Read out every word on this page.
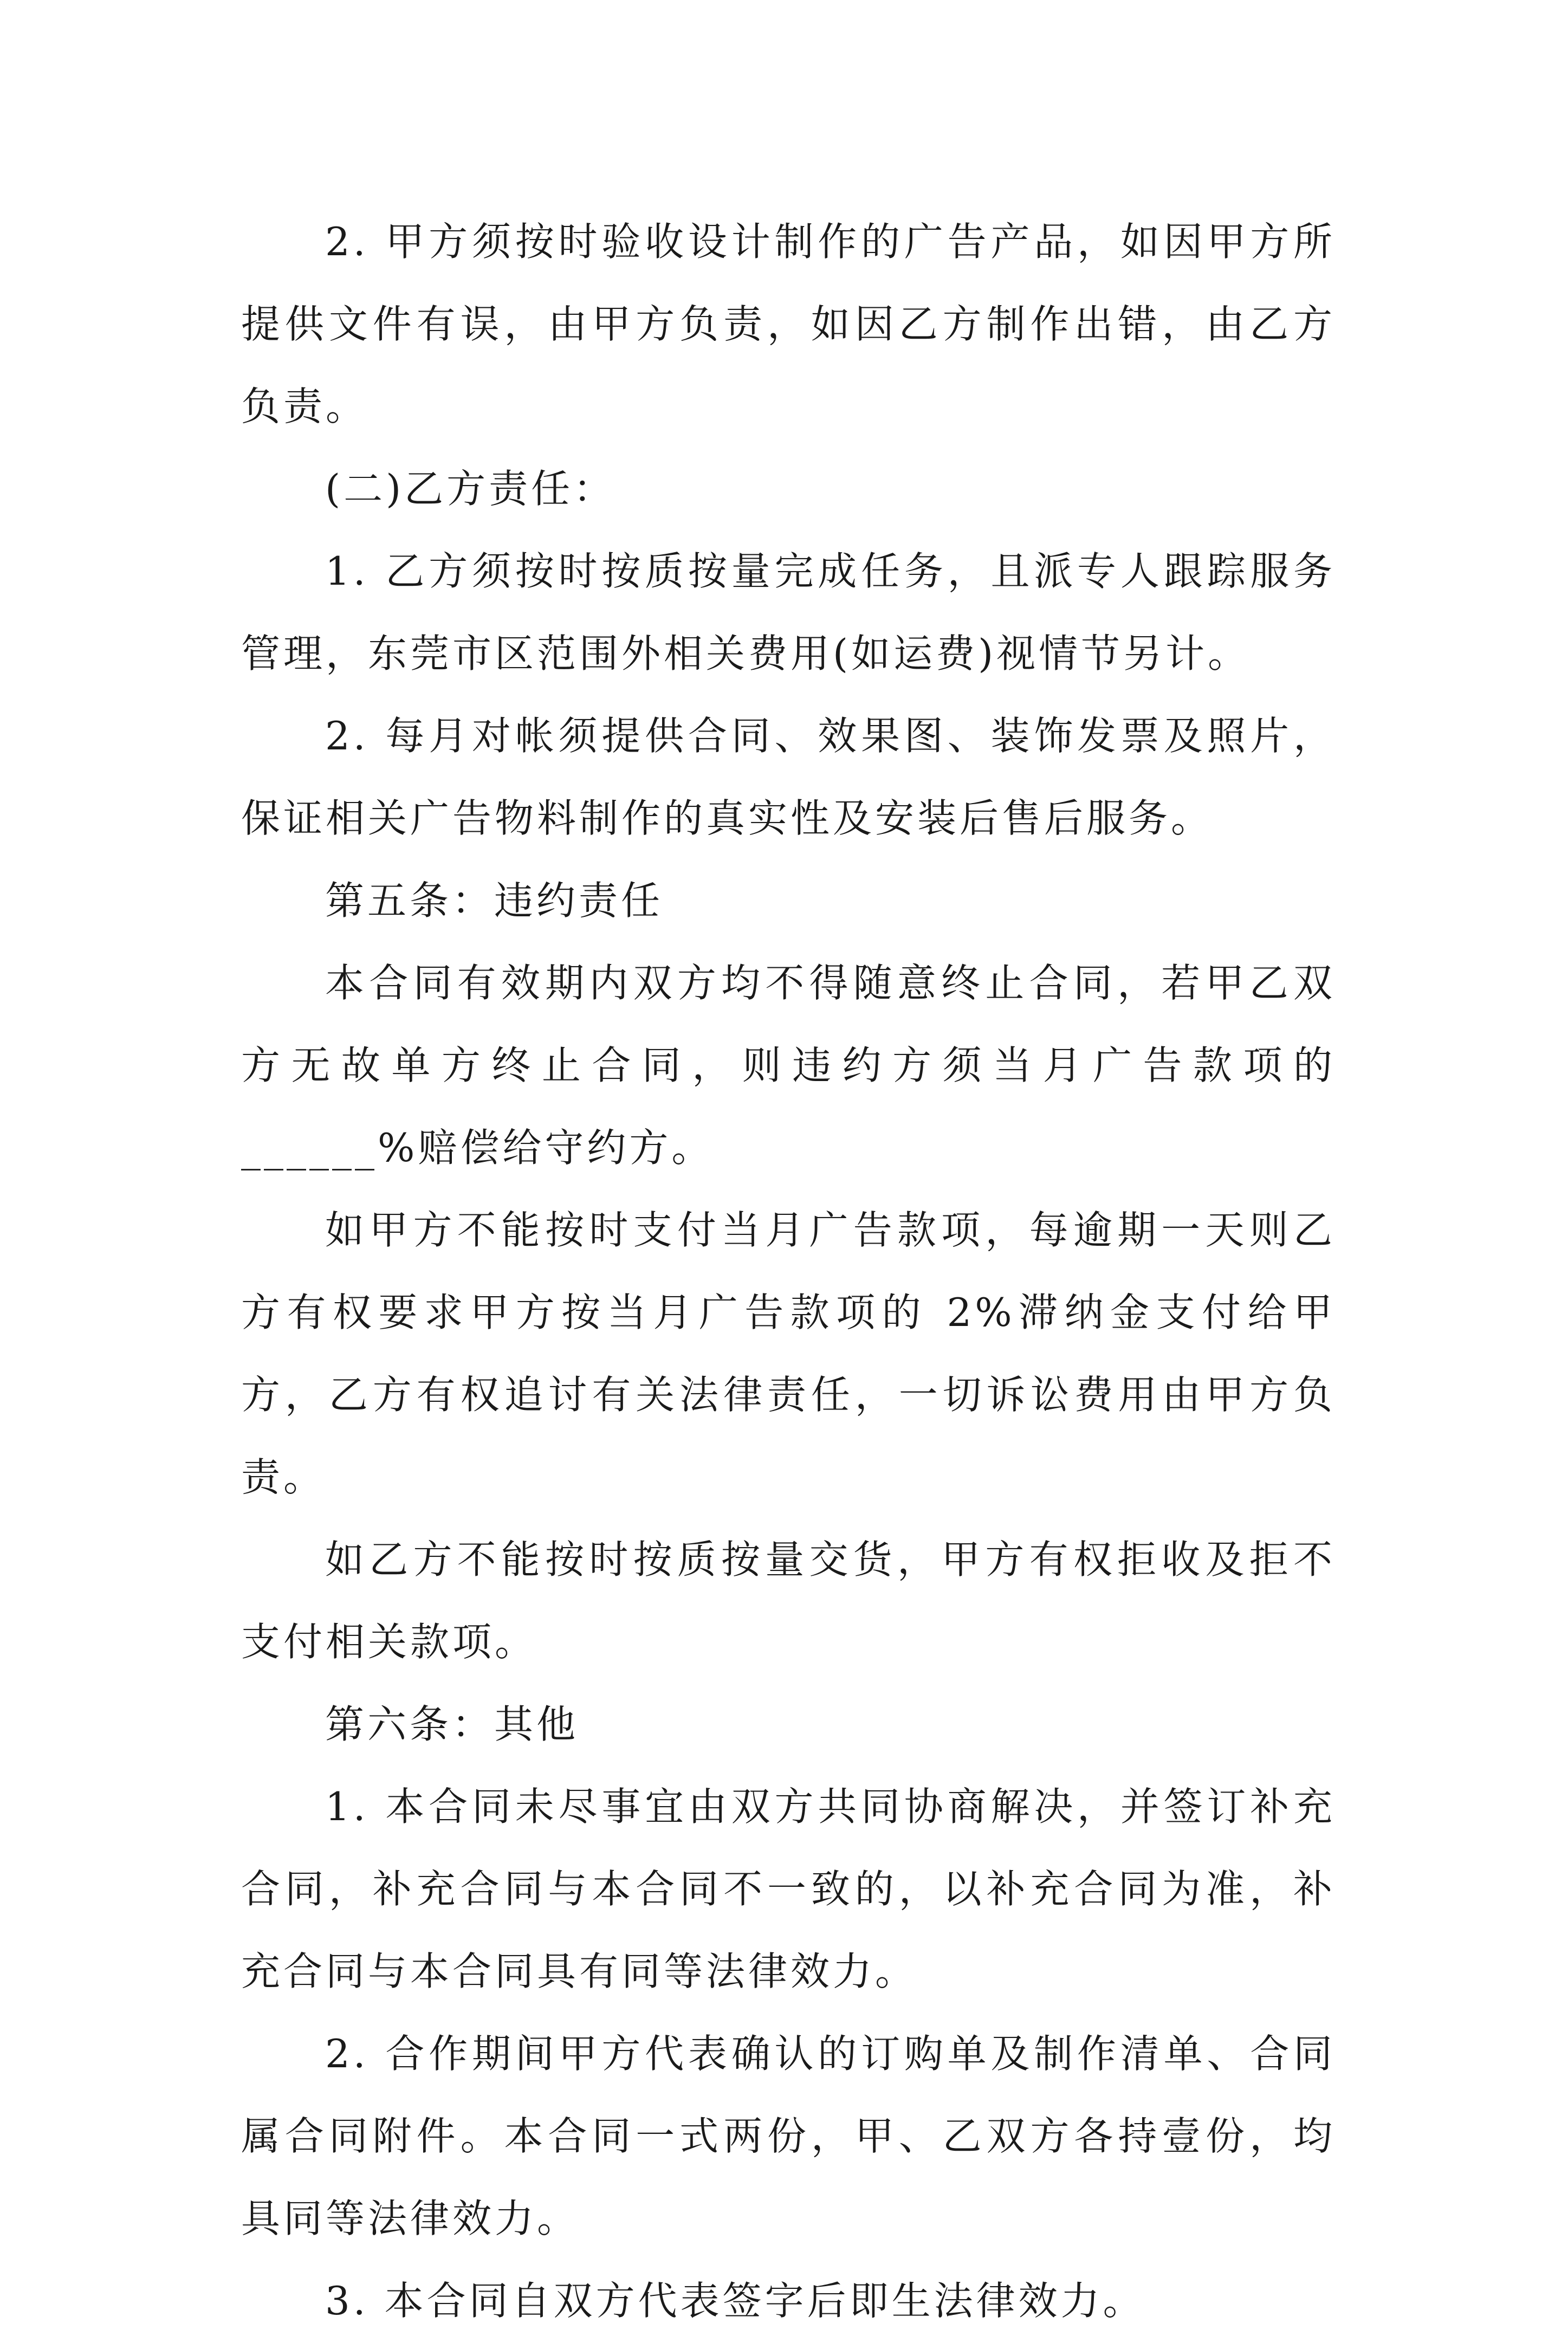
2. 甲方须按时验收设计制作的广告产品，如因甲方所提供文件有误，由甲方负责，如因乙方制作出错，由乙方负责。

(二)乙方责任：

1. 乙方须按时按质按量完成任务，且派专人跟踪服务管理，东莞市区范围外相关费用(如运费)视情节另计。

2. 每月对帐须提供合同、效果图、装饰发票及照片，保证相关广告物料制作的真实性及安装后售后服务。

第五条：违约责任

本合同有效期内双方均不得随意终止合同，若甲乙双方无故单方终止合同，则违约方须当月广告款项的______%赔偿给守约方。

如甲方不能按时支付当月广告款项，每逾期一天则乙方有权要求甲方按当月广告款项的 2%滞纳金支付给甲方，乙方有权追讨有关法律责任，一切诉讼费用由甲方负责。

如乙方不能按时按质按量交货，甲方有权拒收及拒不支付相关款项。

第六条：其他

1. 本合同未尽事宜由双方共同协商解决，并签订补充合同，补充合同与本合同不一致的，以补充合同为准，补充合同与本合同具有同等法律效力。

2. 合作期间甲方代表确认的订购单及制作清单、合同属合同附件。本合同一式两份，甲、乙双方各持壹份，均具同等法律效力。

3. 本合同自双方代表签字后即生法律效力。
